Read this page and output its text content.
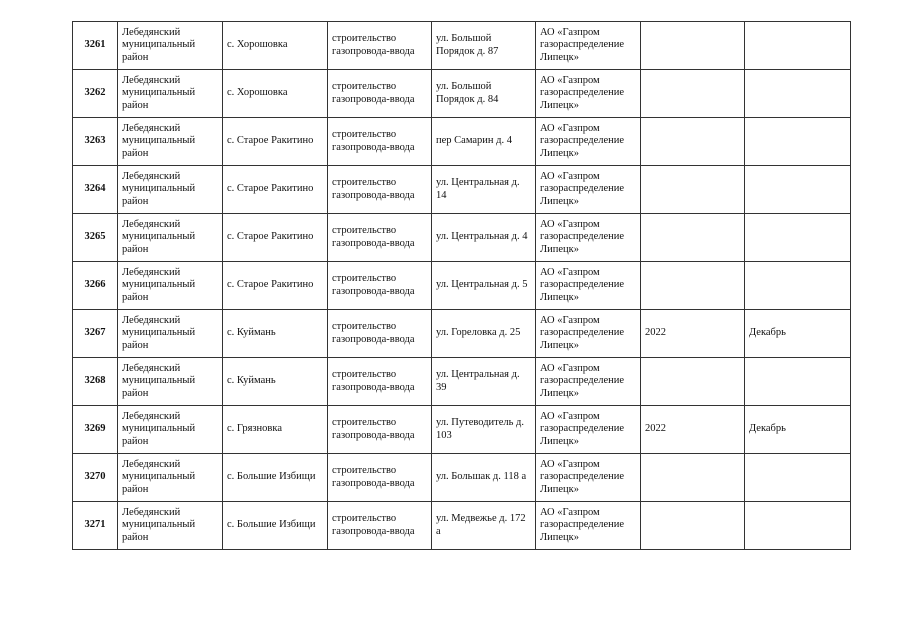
3261	Лебедянский муниципальный район	с. Хорошовка	строительство газопровода-ввода	ул. Большой Порядок д. 87	АО «Газпром газораспределение Липецк»		
3262	Лебедянский муниципальный район	с. Хорошовка	строительство газопровода-ввода	ул. Большой Порядок д. 84	АО «Газпром газораспределение Липецк»		
3263	Лебедянский муниципальный район	с. Старое Ракитино	строительство газопровода-ввода	пер Самарин д. 4	АО «Газпром газораспределение Липецк»		
3264	Лебедянский муниципальный район	с. Старое Ракитино	строительство газопровода-ввода	ул. Центральная д. 14	АО «Газпром газораспределение Липецк»		
3265	Лебедянский муниципальный район	с. Старое Ракитино	строительство газопровода-ввода	ул. Центральная д. 4	АО «Газпром газораспределение Липецк»		
3266	Лебедянский муниципальный район	с. Старое Ракитино	строительство газопровода-ввода	ул. Центральная д. 5	АО «Газпром газораспределение Липецк»		
3267	Лебедянский муниципальный район	с. Куймань	строительство газопровода-ввода	ул. Гореловка д. 25	АО «Газпром газораспределение Липецк»	2022	Декабрь
3268	Лебедянский муниципальный район	с. Куймань	строительство газопровода-ввода	ул. Центральная д. 39	АО «Газпром газораспределение Липецк»		
3269	Лебедянский муниципальный район	с. Грязновка	строительство газопровода-ввода	ул. Путеводитель д. 103	АО «Газпром газораспределение Липецк»	2022	Декабрь
3270	Лебедянский муниципальный район	с. Большие Избищи	строительство газопровода-ввода	ул. Большак д. 118 а	АО «Газпром газораспределение Липецк»		
3271	Лебедянский муниципальный район	с. Большие Избищи	строительство газопровода-ввода	ул. Медвежье д. 172 а	АО «Газпром газораспределение Липецк»		
